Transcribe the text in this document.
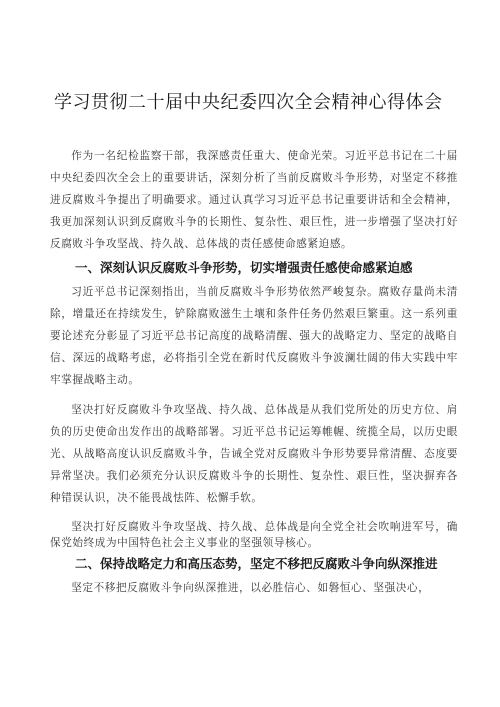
学习贯彻二十届中央纪委四次全会精神心得体会

作为一名纪检监察干部，我深感责任重大、使命光荣。习近平总书记在二十届中央纪委四次全会上的重要讲话，深刻分析了当前反腐败斗争形势，对坚定不移推进反腐败斗争提出了明确要求。通过认真学习习近平总书记重要讲话和全会精神，我更加深刻认识到反腐败斗争的长期性、复杂性、艰巨性，进一步增强了坚决打好反腐败斗争攻坚战、持久战、总体战的责任感使命感紧迫感。

一、深刻认识反腐败斗争形势，切实增强责任感使命感紧迫感

习近平总书记深刻指出，当前反腐败斗争形势依然严峻复杂。腐败存量尚未清除，增量还在持续发生，铲除腐败滋生土壤和条件任务仍然艰巨繁重。这一系列重要论述充分彰显了习近平总书记高度的战略清醒、强大的战略定力、坚定的战略自信、深远的战略考虑，必将指引全党在新时代反腐败斗争波澜壮阔的伟大实践中牢牢掌握战略主动。

坚决打好反腐败斗争攻坚战、持久战、总体战是从我们党所处的历史方位、肩负的历史使命出发作出的战略部署。习近平总书记运筹帷幄、统揽全局，以历史眼光、从战略高度认识反腐败斗争，告诫全党对反腐败斗争形势要异常清醒、态度要异常坚决。我们必须充分认识反腐败斗争的长期性、复杂性、艰巨性，坚决摒弃各种错误认识，决不能畏战怯阵、松懈手软。

坚决打好反腐败斗争攻坚战、持久战、总体战是向全党全社会吹响进军号，确保党始终成为中国特色社会主义事业的坚强领导核心。

二、保持战略定力和高压态势，坚定不移把反腐败斗争向纵深推进

坚定不移把反腐败斗争向纵深推进，以必胜信心、如磐恒心、坚强决心，
